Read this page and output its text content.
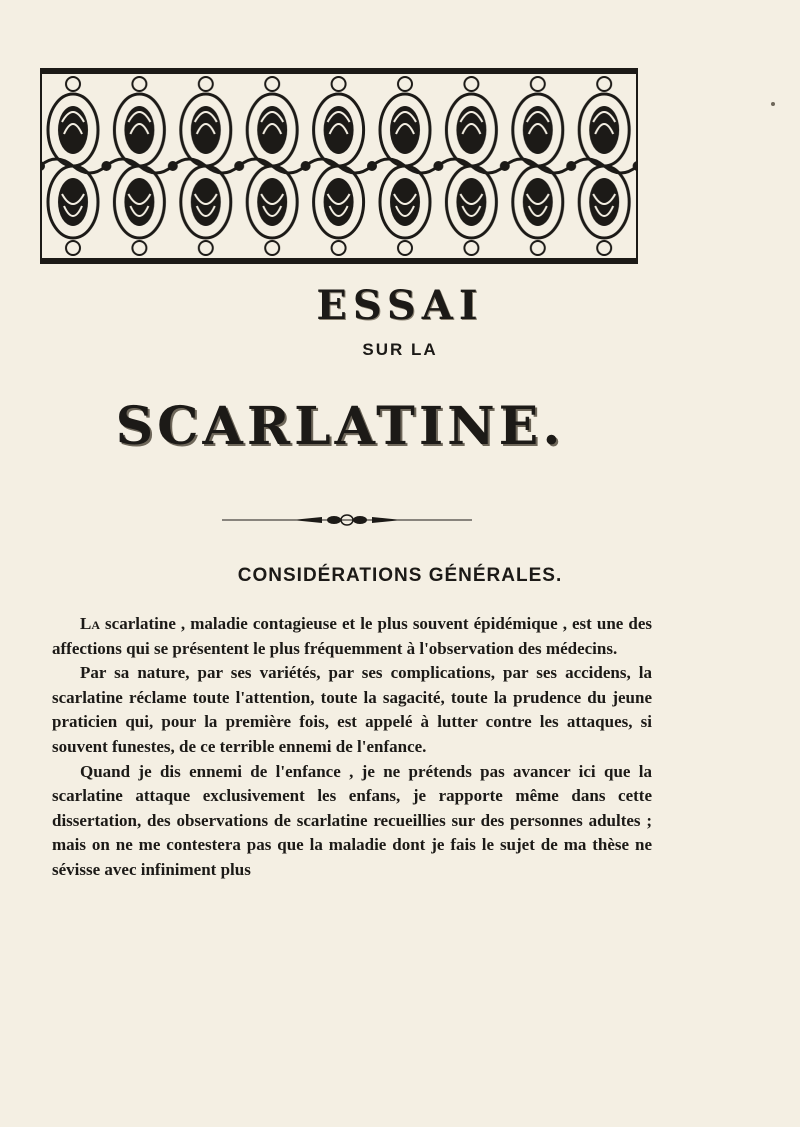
ESSAI
SUR LA
SCARLATINE.
CONSIDÉRATIONS GÉNÉRALES.

La scarlatine , maladie contagieuse et le plus souvent épidémique , est une des affections qui se présentent le plus fréquemment à l'observation des médecins.

Par sa nature, par ses variétés, par ses complications, par ses accidens, la scarlatine réclame toute l'attention, toute la sagacité, toute la prudence du jeune praticien qui, pour la première fois, est appelé à lutter contre les attaques, si souvent funestes, de ce terrible ennemi de l'enfance.

Quand je dis ennemi de l'enfance , je ne prétends pas avancer ici que la scarlatine attaque exclusivement les enfans, je rapporte même dans cette dissertation, des observations de scarlatine recueillies sur des personnes adultes ; mais on ne me contestera pas que la maladie dont je fais le sujet de ma thèse ne sévisse avec infiniment plus
